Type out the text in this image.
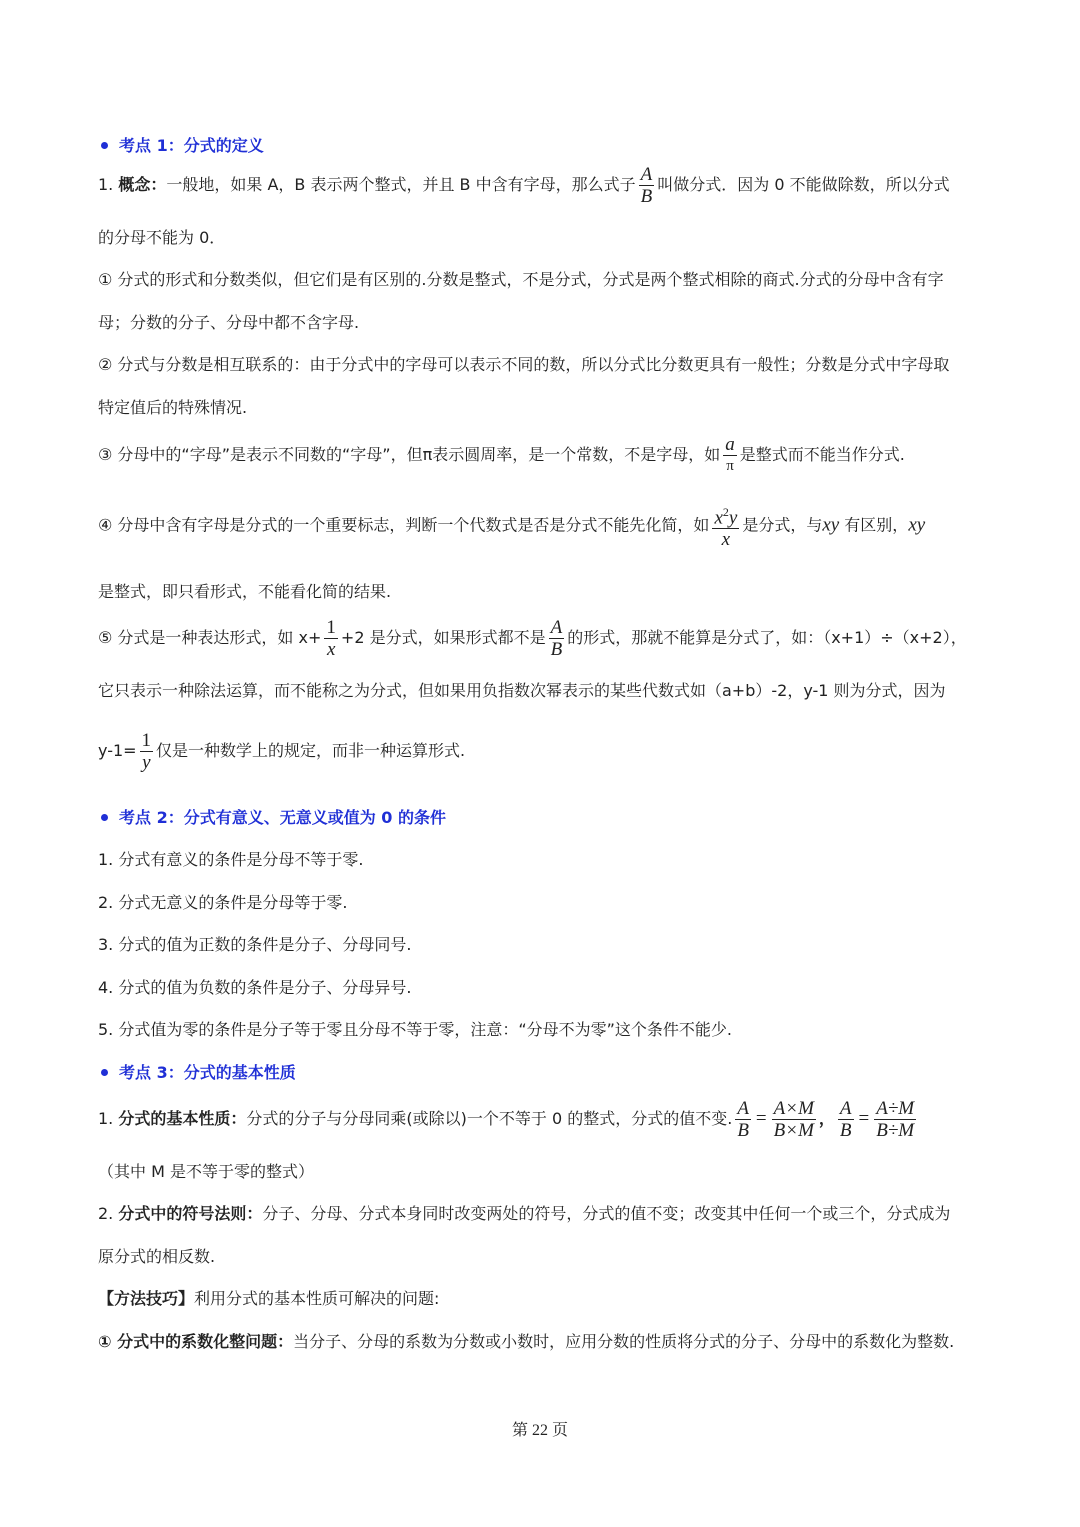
考点 1：分式的定义
1. 概念：一般地，如果 A，B 表示两个整式，并且 B 中含有字母，那么式子 $\frac{A}{B}$ 叫做分式．因为 0 不能做除数，所以分式
的分母不能为 0．
① 分式的形式和分数类似，但它们是有区别的.分数是整式，不是分式，分式是两个整式相除的商式.分式的分母中含有字
母；分数的分子、分母中都不含字母.
② 分式与分数是相互联系的：由于分式中的字母可以表示不同的数，所以分式比分数更具有一般性；分数是分式中字母取
特定值后的特殊情况.
③ 分母中的“字母”是表示不同数的“字母”，但π表示圆周率，是一个常数，不是字母，如 a
π
是整式而不能当作分式.
④ 分母中含有字母是分式的一个重要标志，判断一个代数式是否是分式不能先化简，如 $\frac{x^2y}{x}$ 是分式，与xy 有区别，xy
是整式，即只看形式，不能看化简的结果.
⑤ 分式是一种表达形式，如 $x+ \frac{1}{x} +2$ 是分式，如果形式都不是 $\frac{A}{B}$ 的形式，那就不能算是分式了，如：（x+1）÷（x+2），
它只表示一种除法运算，而不能称之为分式，但如果用负指数次幂表示的某些代数式如（a+b）-2，y-1 则为分式，因为
$y-1= \frac{1}{y}$ 仅是一种数学上的规定，而非一种运算形式.
考点 2：分式有意义、无意义或值为 0 的条件
1. 分式有意义的条件是分母不等于零.
2. 分式无意义的条件是分母等于零.
3. 分式的值为正数的条件是分子、分母同号.
4. 分式的值为负数的条件是分子、分母异号.
5. 分式值为零的条件是分子等于零且分母不等于零，注意：“分母不为零”这个条件不能少.
考点 3：分式的基本性质
1. 分式的基本性质：分式的分子与分母同乘(或除以)一个不等于 0 的整式，分式的值不变. $\frac{A}{B} = \frac{A\times M}{B\times M}$ ， $\frac{A}{B} = \frac{A\div M}{B\div M}$
（其中 M 是不等于零的整式）
2. 分式中的符号法则：分子、分母、分式本身同时改变两处的符号，分式的值不变；改变其中任何一个或三个，分式成为
原分式的相反数.
【方法技巧】利用分式的基本性质可解决的问题:
① 分式中的系数化整问题：当分子、分母的系数为分数或小数时，应用分数的性质将分式的分子、分母中的系数化为整数.
第 22 页
